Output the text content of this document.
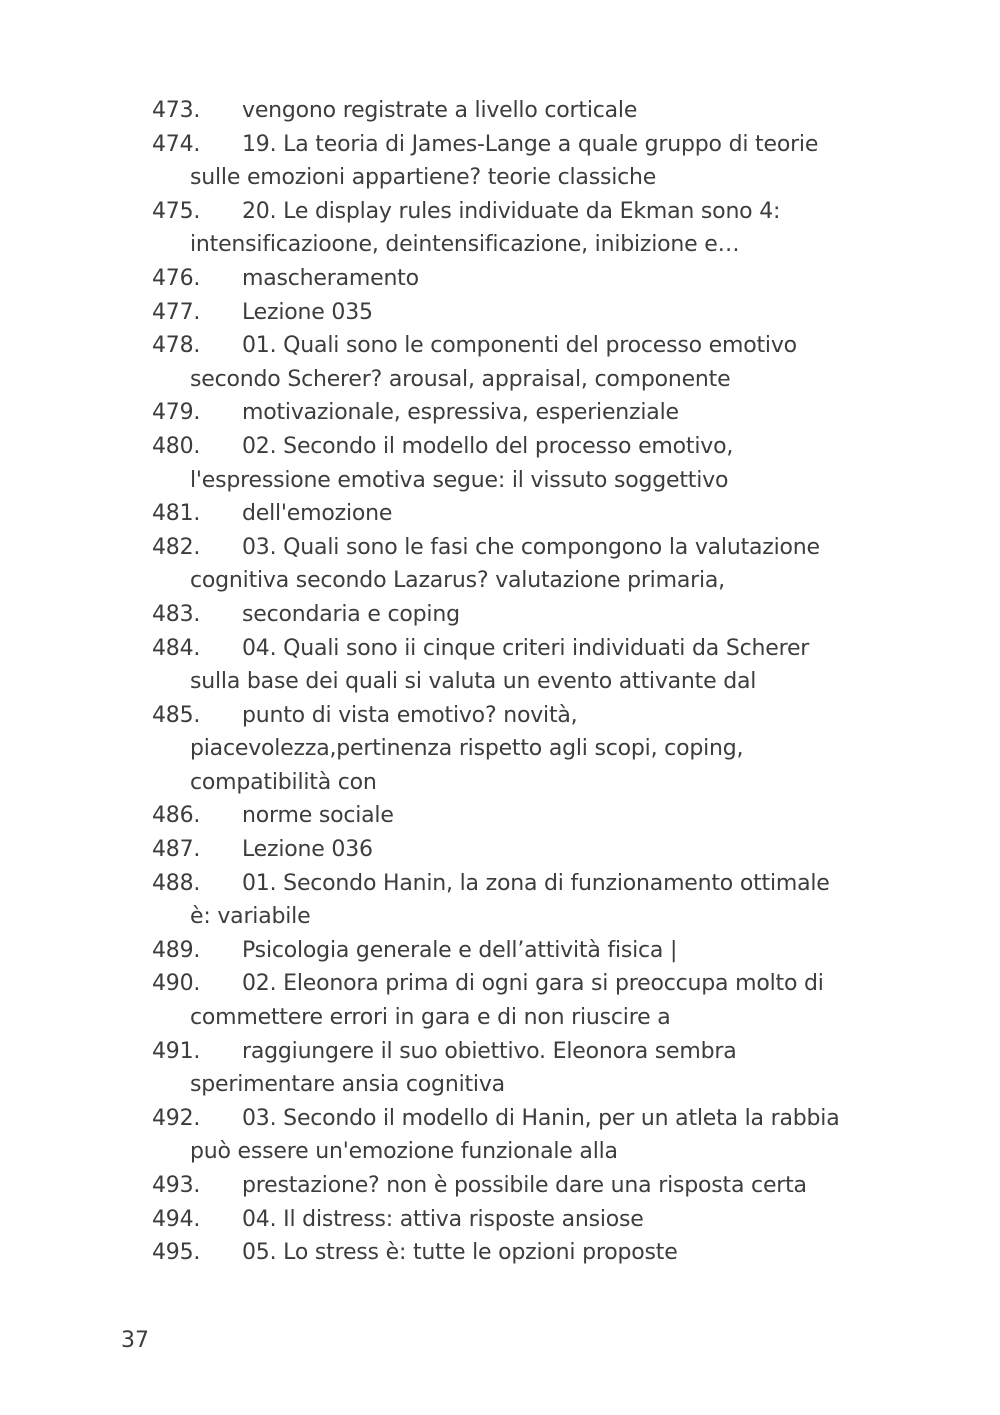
473. vengono registrate a livello corticale
474. 19. La teoria di James-Lange a quale gruppo di teorie
sulle emozioni appartiene? teorie classiche
475. 20. Le display rules individuate da Ekman sono 4:
intensificazioone, deintensificazione, inibizione e…
476. mascheramento
477. Lezione 035
478. 01. Quali sono le componenti del processo emotivo
secondo Scherer? arousal, appraisal, componente
479. motivazionale, espressiva, esperienziale
480. 02. Secondo il modello del processo emotivo,
l'espressione emotiva segue: il vissuto soggettivo
481. dell'emozione
482. 03. Quali sono le fasi che compongono la valutazione
cognitiva secondo Lazarus? valutazione primaria,
483. secondaria e coping
484. 04. Quali sono ii cinque criteri individuati da Scherer
sulla base dei quali si valuta un evento attivante dal
485. punto di vista emotivo? novità,
piacevolezza,pertinenza rispetto agli scopi, coping,
compatibilità con
486. norme sociale
487. Lezione 036
488. 01. Secondo Hanin, la zona di funzionamento ottimale
è: variabile
489. Psicologia generale e dell’attività fisica |
490. 02. Eleonora prima di ogni gara si preoccupa molto di
commettere errori in gara e di non riuscire a
491. raggiungere il suo obiettivo. Eleonora sembra
sperimentare ansia cognitiva
492. 03. Secondo il modello di Hanin, per un atleta la rabbia
può essere un'emozione funzionale alla
493. prestazione? non è possibile dare una risposta certa
494. 04. Il distress: attiva risposte ansiose
495. 05. Lo stress è: tutte le opzioni proposte
37
